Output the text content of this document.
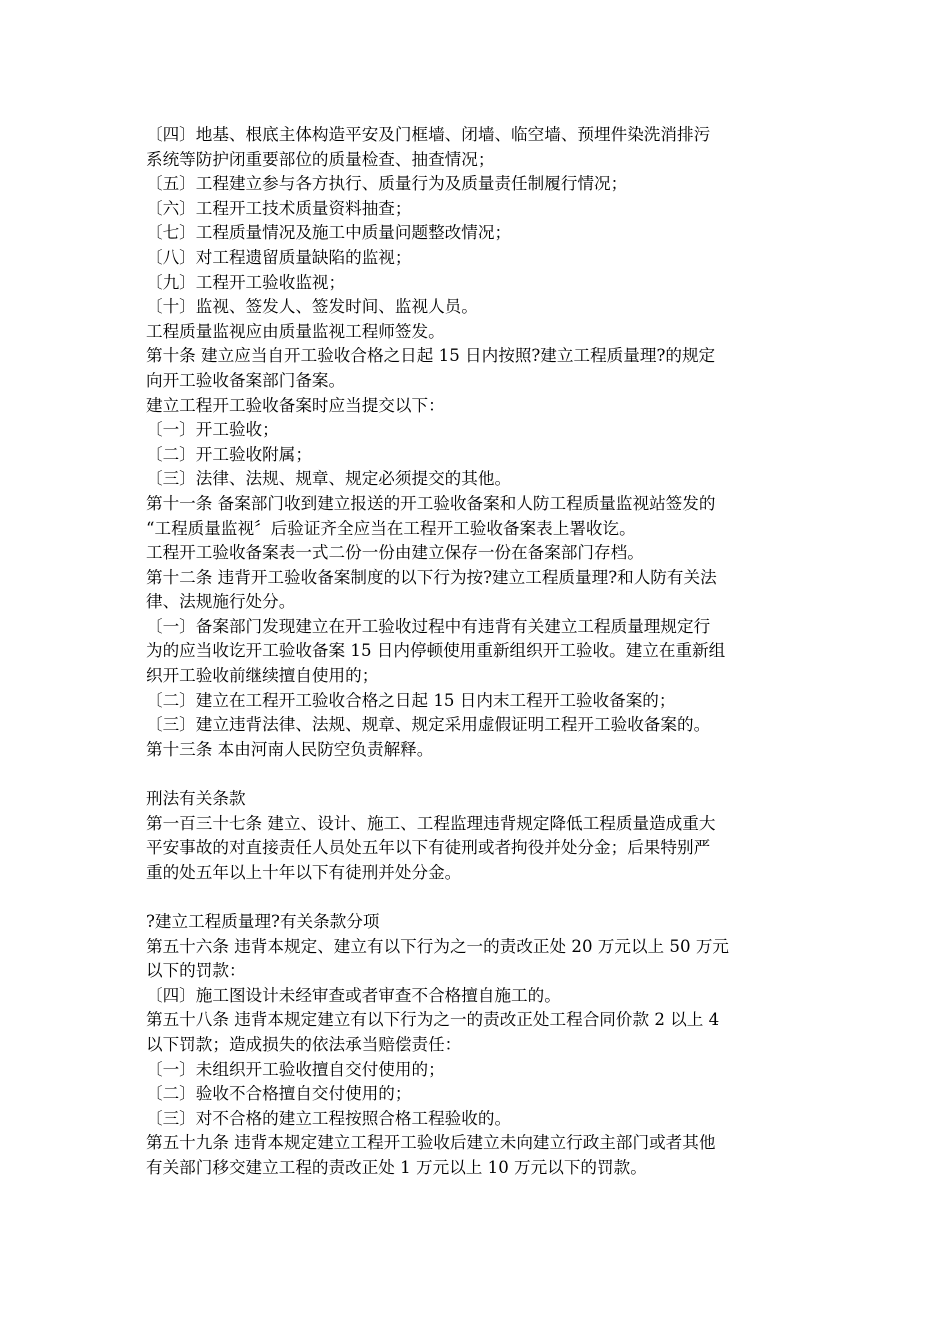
〔四〕地基、根底主体构造平安及门框墙、闭墙、临空墙、预埋件染洗消排污

系统等防护闭重要部位的质量检查、抽查情况；

〔五〕工程建立参与各方执行、质量行为及质量责任制履行情况；

〔六〕工程开工技术质量资料抽查；

〔七〕工程质量情况及施工中质量问题整改情况；

〔八〕对工程遗留质量缺陷的监视；

〔九〕工程开工验收监视；

〔十〕监视、签发人、签发时间、监视人员。

工程质量监视应由质量监视工程师签发。

第十条 建立应当自开工验收合格之日起 15 日内按照?建立工程质量理?的规定

向开工验收备案部门备案。

建立工程开工验收备案时应当提交以下：

〔一〕开工验收；

〔二〕开工验收附属；

〔三〕法律、法规、规章、规定必须提交的其他。

第十一条 备案部门收到建立报送的开工验收备案和人防工程质量监视站签发的

“工程质量监视〞后验证齐全应当在工程开工验收备案表上署收讫。

工程开工验收备案表一式二份一份由建立保存一份在备案部门存档。

第十二条 违背开工验收备案制度的以下行为按?建立工程质量理?和人防有关法

律、法规施行处分。

〔一〕备案部门发现建立在开工验收过程中有违背有关建立工程质量理规定行

为的应当收讫开工验收备案 15 日内停顿使用重新组织开工验收。建立在重新组

织开工验收前继续擅自使用的；

〔二〕建立在工程开工验收合格之日起 15 日内末工程开工验收备案的；

〔三〕建立违背法律、法规、规章、规定采用虚假证明工程开工验收备案的。

第十三条 本由河南人民防空负责解释。

刑法有关条款

第一百三十七条 建立、设计、施工、工程监理违背规定降低工程质量造成重大

平安事故的对直接责任人员处五年以下有徒刑或者拘役并处分金；后果特别严

重的处五年以上十年以下有徒刑并处分金。

?建立工程质量理?有关条款分项

第五十六条 违背本规定、建立有以下行为之一的责改正处 20 万元以上 50 万元

以下的罚款：

〔四〕施工图设计未经审查或者审查不合格擅自施工的。

第五十八条 违背本规定建立有以下行为之一的责改正处工程合同价款 2 以上 4

以下罚款；造成损失的依法承当赔偿责任：

〔一〕未组织开工验收擅自交付使用的；

〔二〕验收不合格擅自交付使用的；

〔三〕对不合格的建立工程按照合格工程验收的。

第五十九条 违背本规定建立工程开工验收后建立未向建立行政主部门或者其他

有关部门移交建立工程的责改正处 1 万元以上 10 万元以下的罚款。
